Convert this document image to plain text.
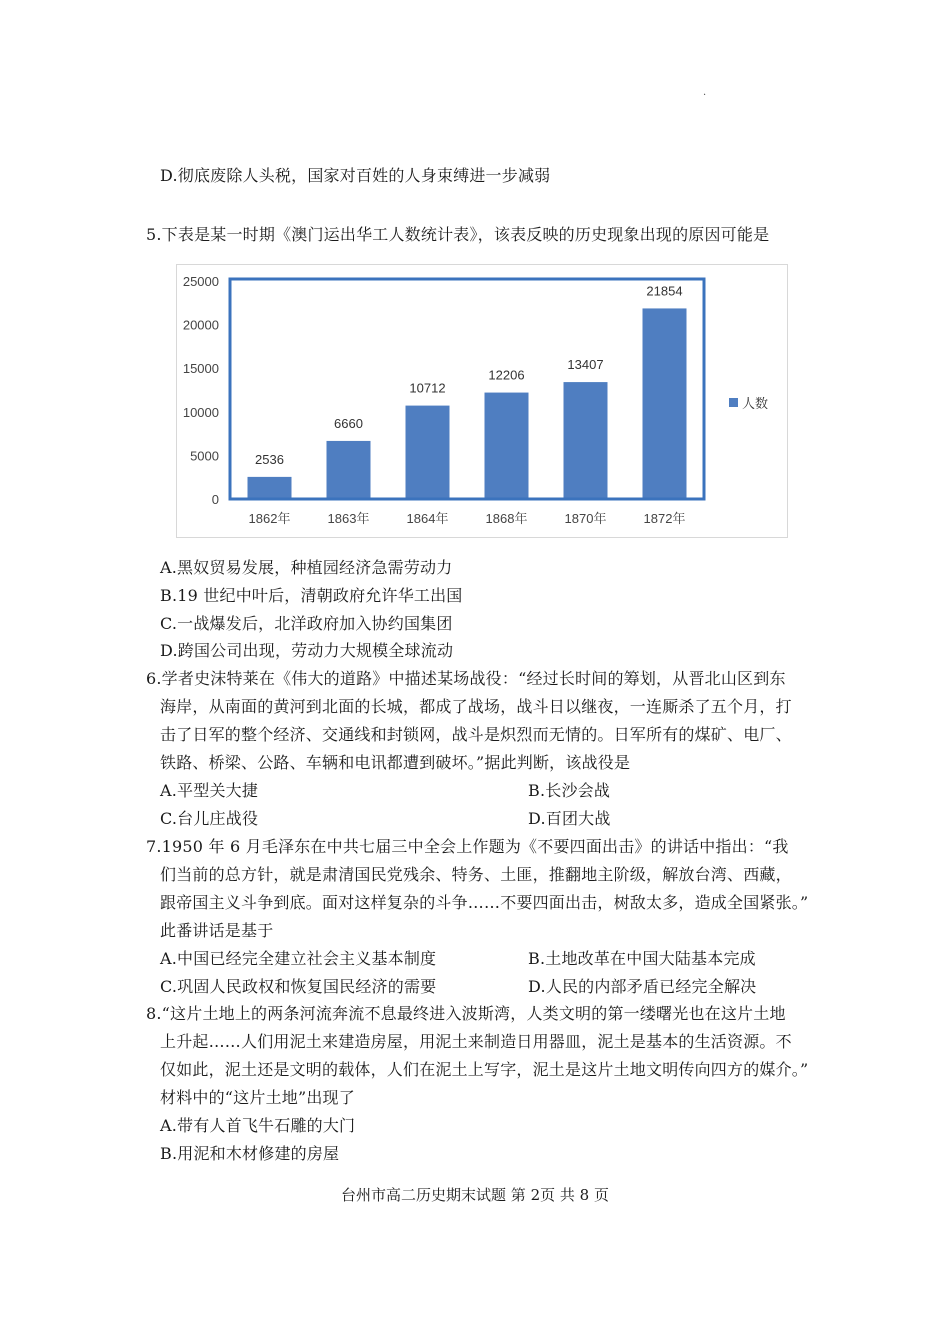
·
D.彻底废除人头税，国家对百姓的人身束缚进一步减弱
5.下表是某一时期《澳门运出华工人数统计表》，该表反映的历史现象出现的原因可能是
0
5000
10000
15000
20000
25000
2536
1862年
6660
1863年
10712
1864年
12206
1868年
13407
1870年
21854
1872年
人数
A.黑奴贸易发展，种植园经济急需劳动力
B.19 世纪中叶后，清朝政府允许华工出国
C.一战爆发后，北洋政府加入协约国集团
D.跨国公司出现，劳动力大规模全球流动
6.学者史沫特莱在《伟大的道路》中描述某场战役：“经过长时间的筹划，从晋北山区到东
海岸，从南面的黄河到北面的长城，都成了战场，战斗日以继夜，一连厮杀了五个月，打
击了日军的整个经济、交通线和封锁网，战斗是炽烈而无情的。日军所有的煤矿、电厂、
铁路、桥梁、公路、车辆和电讯都遭到破坏。”据此判断，该战役是
A.平型关大捷	B.长沙会战
C.台儿庄战役	D.百团大战
7.1950 年 6 月毛泽东在中共七届三中全会上作题为《不要四面出击》的讲话中指出：“我
们当前的总方针，就是肃清国民党残余、特务、土匪，推翻地主阶级，解放台湾、西藏，
跟帝国主义斗争到底。面对这样复杂的斗争……不要四面出击，树敌太多，造成全国紧张。”
此番讲话是基于
A.中国已经完全建立社会主义基本制度	B.土地改革在中国大陆基本完成
C.巩固人民政权和恢复国民经济的需要	D.人民的内部矛盾已经完全解决
8.“这片土地上的两条河流奔流不息最终进入波斯湾，人类文明的第一缕曙光也在这片土地
上升起……人们用泥土来建造房屋，用泥土来制造日用器皿，泥土是基本的生活资源。不
仅如此，泥土还是文明的载体，人们在泥土上写字，泥土是这片土地文明传向四方的媒介。”
材料中的“这片土地”出现了
A.带有人首飞牛石雕的大门
B.用泥和木材修建的房屋
台州市高二历史期末试题 第 2页 共 8 页
